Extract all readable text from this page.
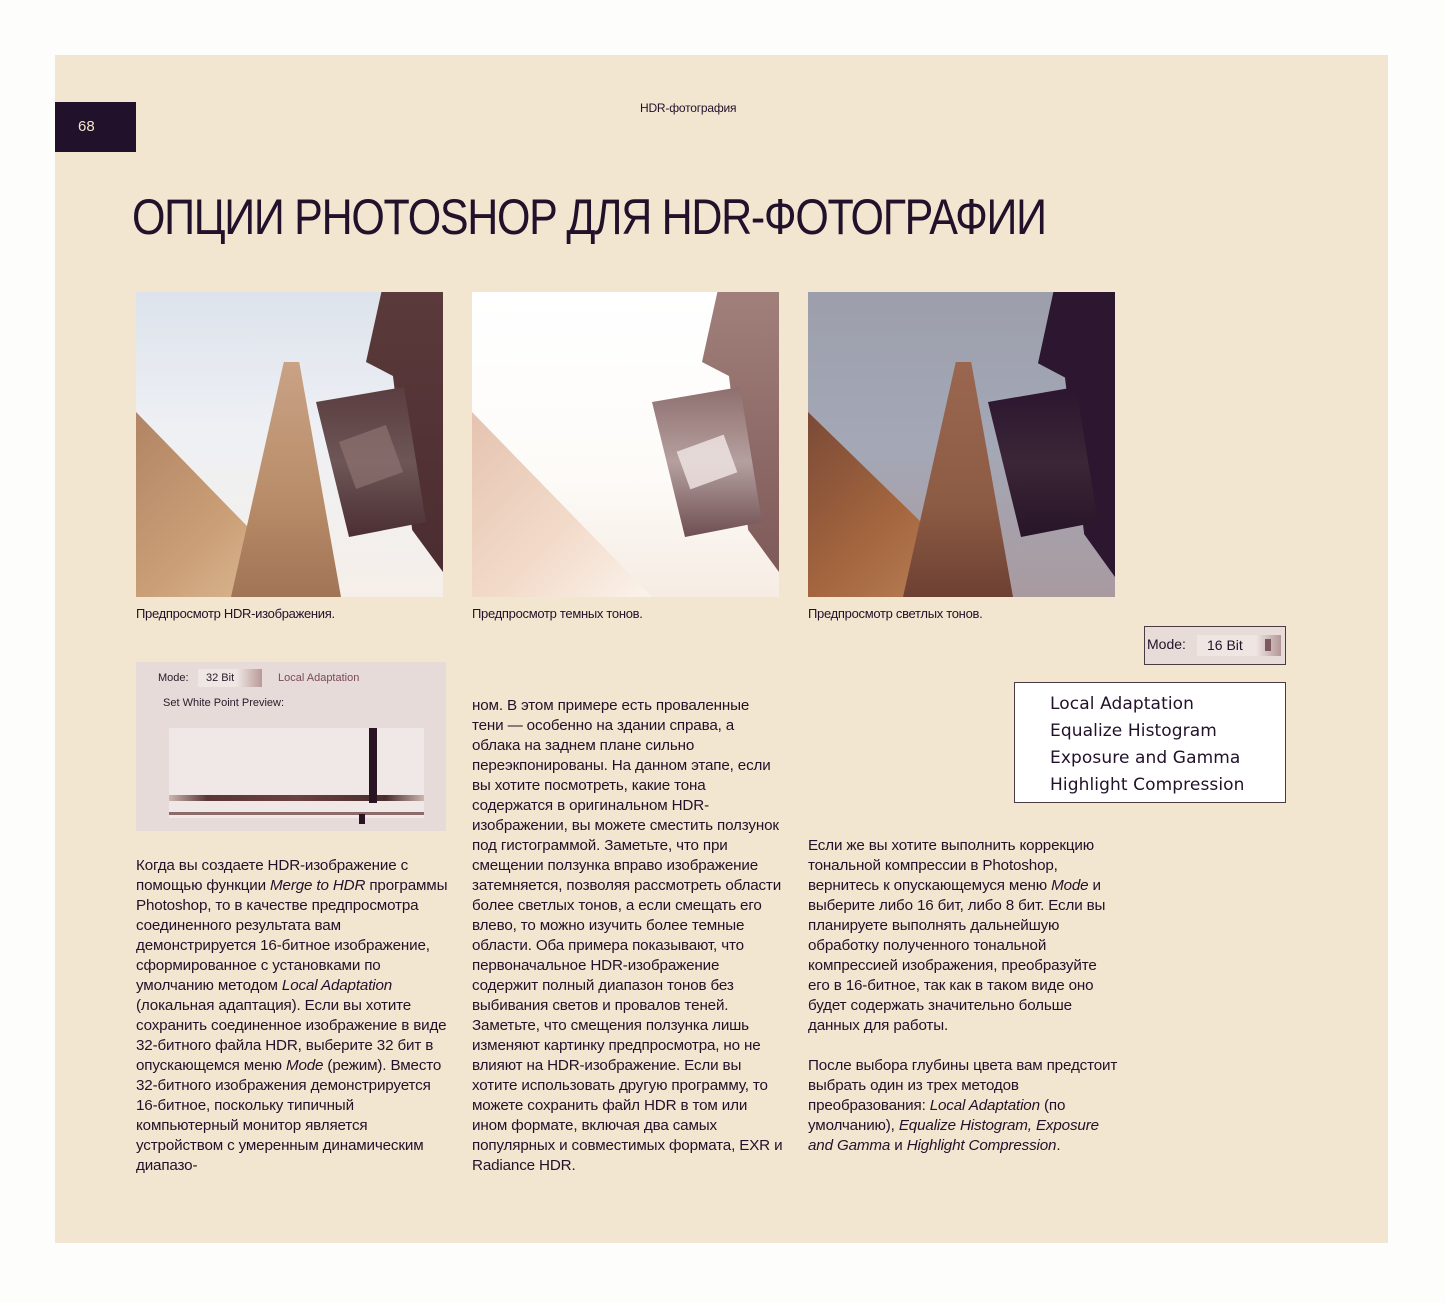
68
HDR-фотография
ОПЦИИ PHOTOSHOP ДЛЯ HDR-ФОТОГРАФИИ
Предпросмотр HDR-изображения.	Предпросмотр темных тонов.	Предпросмотр светлых тонов.
Mode:	32 Bit	Local Adaptation
Set White Point Preview:

Когда вы создаете HDR-изображение с помощью функции Merge to HDR программы Photoshop, то в качестве предпросмотра соединенного результата вам демонстрируется 16-битное изображение, сформированное с установками по умолчанию методом Local Adaptation (локальная адаптация). Если вы хотите сохранить соединенное изображение в виде 32-битного файла HDR, выберите 32 бит в опускающемся меню Mode (режим). Вместо 32-битного изображения демонстрируется 16-битное, поскольку типичный компьютерный монитор является устройством с умеренным динамическим диапазо-

ном. В этом примере есть проваленные тени — особенно на здании справа, а облака на заднем плане сильно переэкпонированы. На данном этапе, если вы хотите посмотреть, какие тона содержатся в оригинальном HDR-изображении, вы можете сместить ползунок под гистограммой. Заметьте, что при смещении ползунка вправо изображение затемняется, позволяя рассмотреть области более светлых тонов, а если смещать его влево, то можно изучить более темные области. Оба примера показывают, что первоначальное HDR-изображение содержит полный диапазон тонов без выбивания светов и провалов теней. Заметьте, что смещения ползунка лишь изменяют картинку предпросмотра, но не влияют на HDR-изображение. Если вы хотите использовать другую программу, то можете сохранить файл HDR в том или ином формате, включая два самых популярных и совместимых формата, EXR и Radiance HDR.

Mode:	16 Bit
Local Adaptation
Equalize Histogram
Exposure and Gamma
Highlight Compression

Если же вы хотите выполнить коррекцию тональной компрессии в Photoshop, вернитесь к опускающемуся меню Mode и выберите либо 16 бит, либо 8 бит. Если вы планируете выполнять дальнейшую обработку полученного тональной компрессией изображения, преобразуйте его в 16-битное, так как в таком виде оно будет содержать значительно больше данных для работы.

После выбора глубины цвета вам предстоит выбрать один из трех методов преобразования: Local Adaptation (по умолчанию), Equalize Histogram, Exposure and Gamma и Highlight Compression.
